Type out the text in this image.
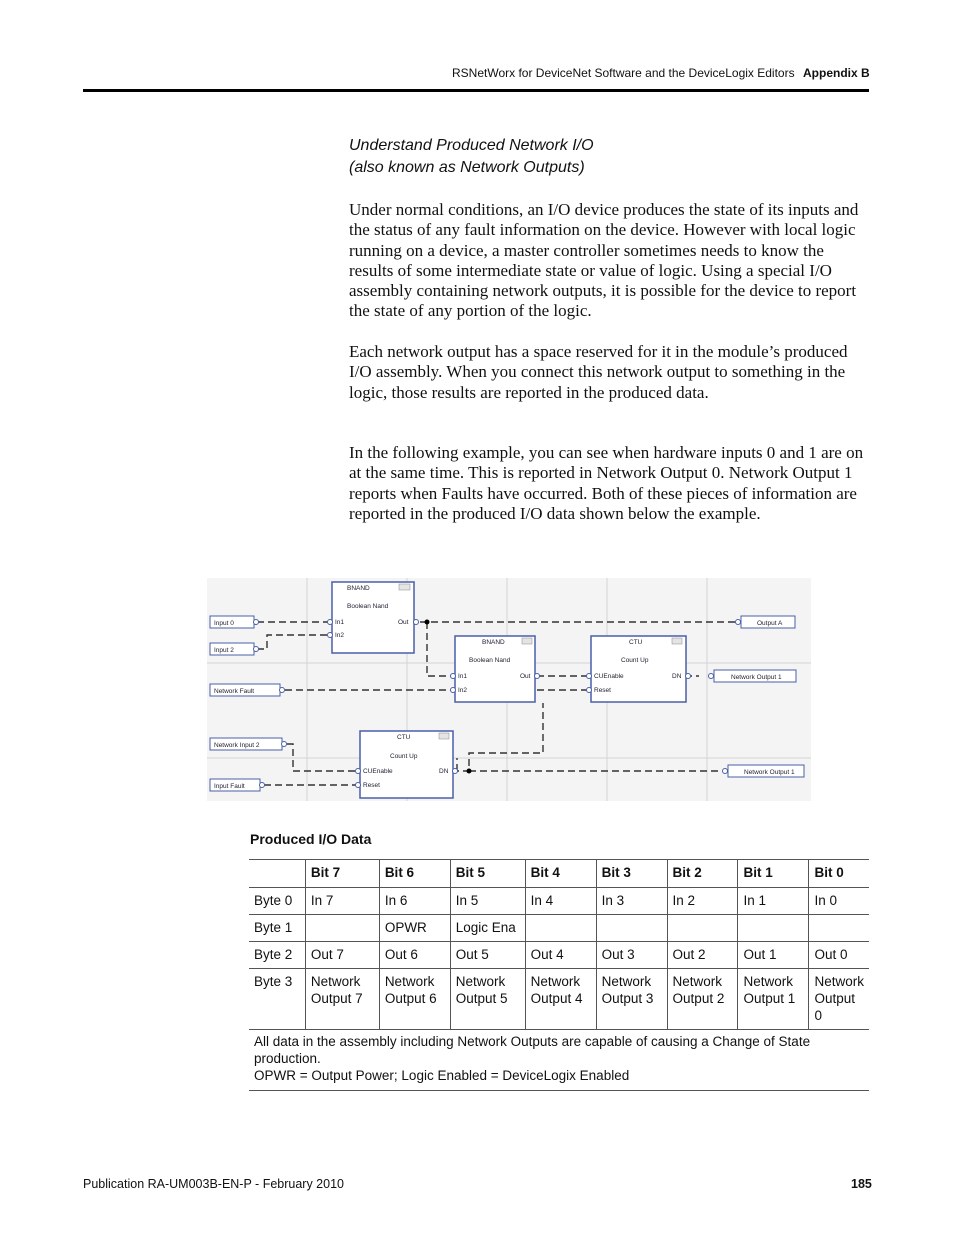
RSNetWorx for DeviceNet Software and the DeviceLogix Editors Appendix B
Understand Produced Network I/O
(also known as Network Outputs)
Under normal conditions, an I/O device produces the state of its inputs and the status of any fault information on the device. However with local logic running on a device, a master controller sometimes needs to know the results of some intermediate state or value of logic. Using a special I/O assembly containing network outputs, it is possible for the device to report the state of any portion of the logic.
Each network output has a space reserved for it in the module’s produced I/O assembly. When you connect this network output to something in the logic, those results are reported in the produced data.
In the following example, you can see when hardware inputs 0 and 1 are on at the same time. This is reported in Network Output 0. Network Output 1 reports when Faults have occurred. Both of these pieces of information are reported in the produced I/O data shown below the example.
Input 0
Input 2
Network Fault
Network Input 2
Input Fault
Output A
Network Output 1
Network Output 1
BNAND
Boolean Nand
In1
In2
Out
BNAND
Boolean Nand
In1
In2
Out
CTU
Count Up
CUEnable
Reset
DN
CTU
Count Up
CUEnable
Reset
DN
Produced I/O Data
	Bit 7	Bit 6	Bit 5	Bit 4	Bit 3	Bit 2	Bit 1	Bit 0
Byte 0	In 7	In 6	In 5	In 4	In 3	In 2	In 1	In 0
Byte 1		OPWR	Logic Ena					
Byte 2	Out 7	Out 6	Out 5	Out 4	Out 3	Out 2	Out 1	Out 0
Byte 3	Network Output 7	Network Output 6	Network Output 5	Network Output 4	Network Output 3	Network Output 2	Network Output 1	Network Output 0

All data in the assembly including Network Outputs are capable of causing a Change of State production.
OPWR = Output Power; Logic Enabled = DeviceLogix Enabled								
Publication RA-UM003B-EN-P - February 2010	185
